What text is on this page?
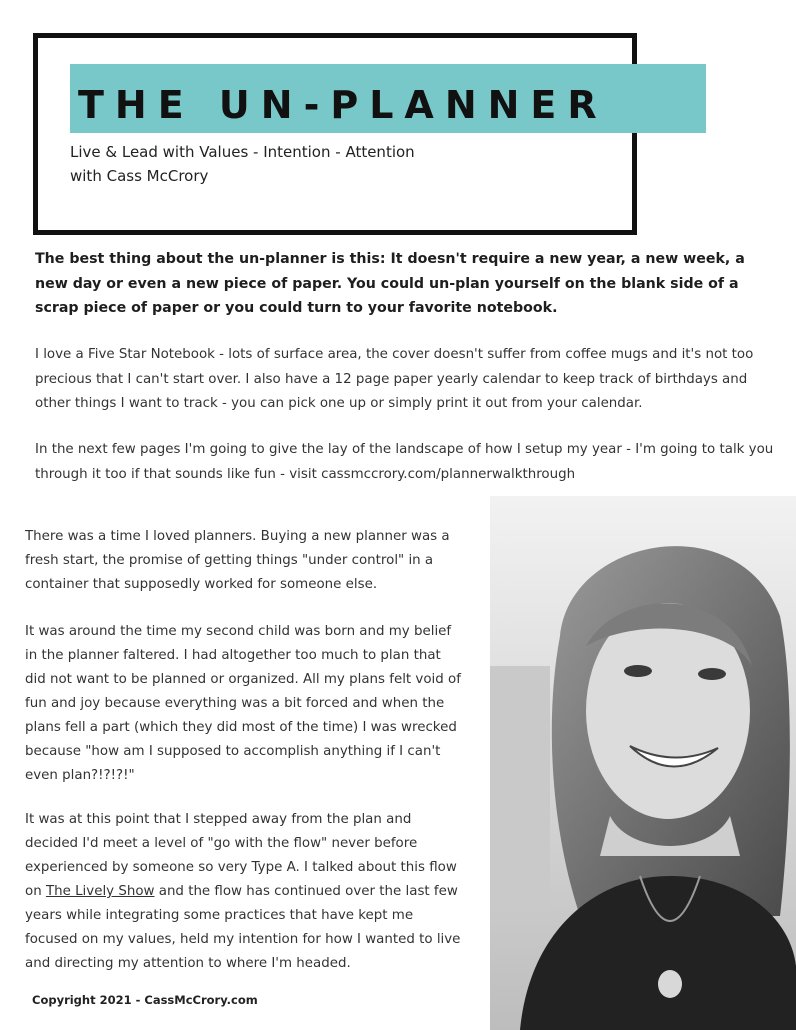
THE UN-PLANNER
Live & Lead with Values - Intention - Attention
with Cass McCrory
The best thing about the un-planner is this: It doesn't require a new year, a new week, a new day or even a new piece of paper. You could un-plan yourself on the blank side of a scrap piece of paper or you could turn to your favorite notebook.
I love a Five Star Notebook - lots of surface area, the cover doesn't suffer from coffee mugs and it's not too precious that I can't start over. I also have a 12 page paper yearly calendar to keep track of birthdays and other things I want to track - you can pick one up or simply print it out from your calendar.
In the next few pages I'm going to give the lay of the landscape of how I setup my year - I'm going to talk you through it too if that sounds like fun - visit cassmccrory.com/plannerwalkthrough
There was a time I loved planners. Buying a new planner was a fresh start, the promise of getting things "under control" in a container that supposedly worked for someone else.
It was around the time my second child was born and my belief in the planner faltered. I had altogether too much to plan that did not want to be planned or organized. All my plans felt void of fun and joy because everything was a bit forced and when the plans fell a part (which they did most of the time) I was wrecked because "how am I supposed to accomplish anything if I can't even plan?!?!?!"
It was at this point that I stepped away from the plan and decided I'd meet a level of "go with the flow" never before experienced by someone so very Type A. I talked about this flow on The Lively Show and the flow has continued over the last few years while integrating some practices that have kept me focused on my values, held my intention for how I wanted to live and directing my attention to where I'm headed.
Copyright 2021 - CassMcCrory.com
